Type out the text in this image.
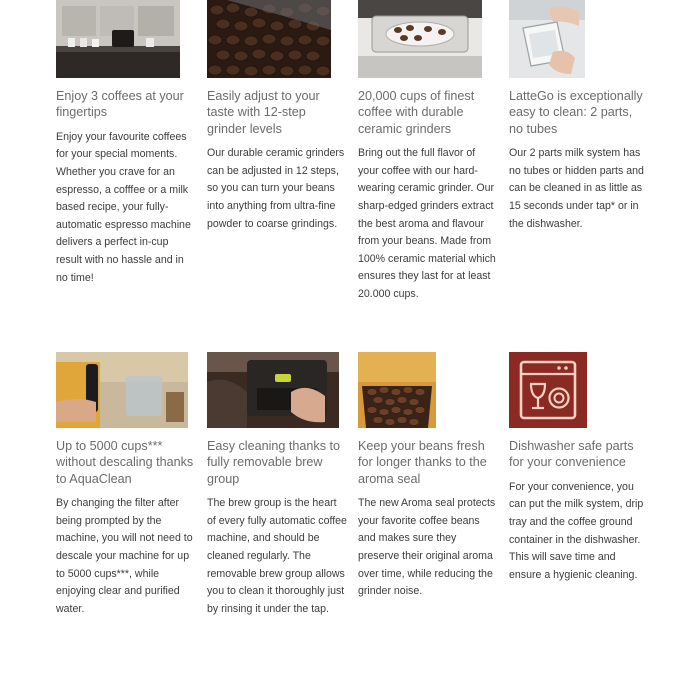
Enjoy 3 coffees at your fingertips

Enjoy your favourite coffees for your special moments. Whether you crave for an espresso, a cofffee or a milk based recipe, your fully-automatic espresso machine delivers a perfect in-cup result with no hassle and in no time!

Easily adjust to your taste with 12-step grinder levels

Our durable ceramic grinders can be adjusted in 12 steps, so you can turn your beans into anything from ultra-fine powder to coarse grindings.

20,000 cups of finest coffee with durable ceramic grinders

Bring out the full flavor of your coffee with our hard-wearing ceramic grinder. Our sharp-edged grinders extract the best aroma and flavour from your beans. Made from 100% ceramic material which ensures they last for at least 20.000 cups.

LatteGo is exceptionally easy to clean: 2 parts, no tubes

Our 2 parts milk system has no tubes or hidden parts and can be cleaned in as little as 15 seconds under tap* or in the dishwasher.

Up to 5000 cups*** without descaling thanks to AquaClean

By changing the filter after being prompted by the machine, you will not need to descale your machine for up to 5000 cups***, while enjoying clear and purified water.

Easy cleaning thanks to fully removable brew group

The brew group is the heart of every fully automatic coffee machine, and should be cleaned regularly. The removable brew group allows you to clean it thoroughly just by rinsing it under the tap.

Keep your beans fresh for longer thanks to the aroma seal

The new Aroma seal protects your favorite coffee beans and makes sure they preserve their original aroma over time, while reducing the grinder noise.

Dishwasher safe parts for your convenience

For your convenience, you can put the milk system, drip tray and the coffee ground container in the dishwasher. This will save time and ensure a hygienic cleaning.
